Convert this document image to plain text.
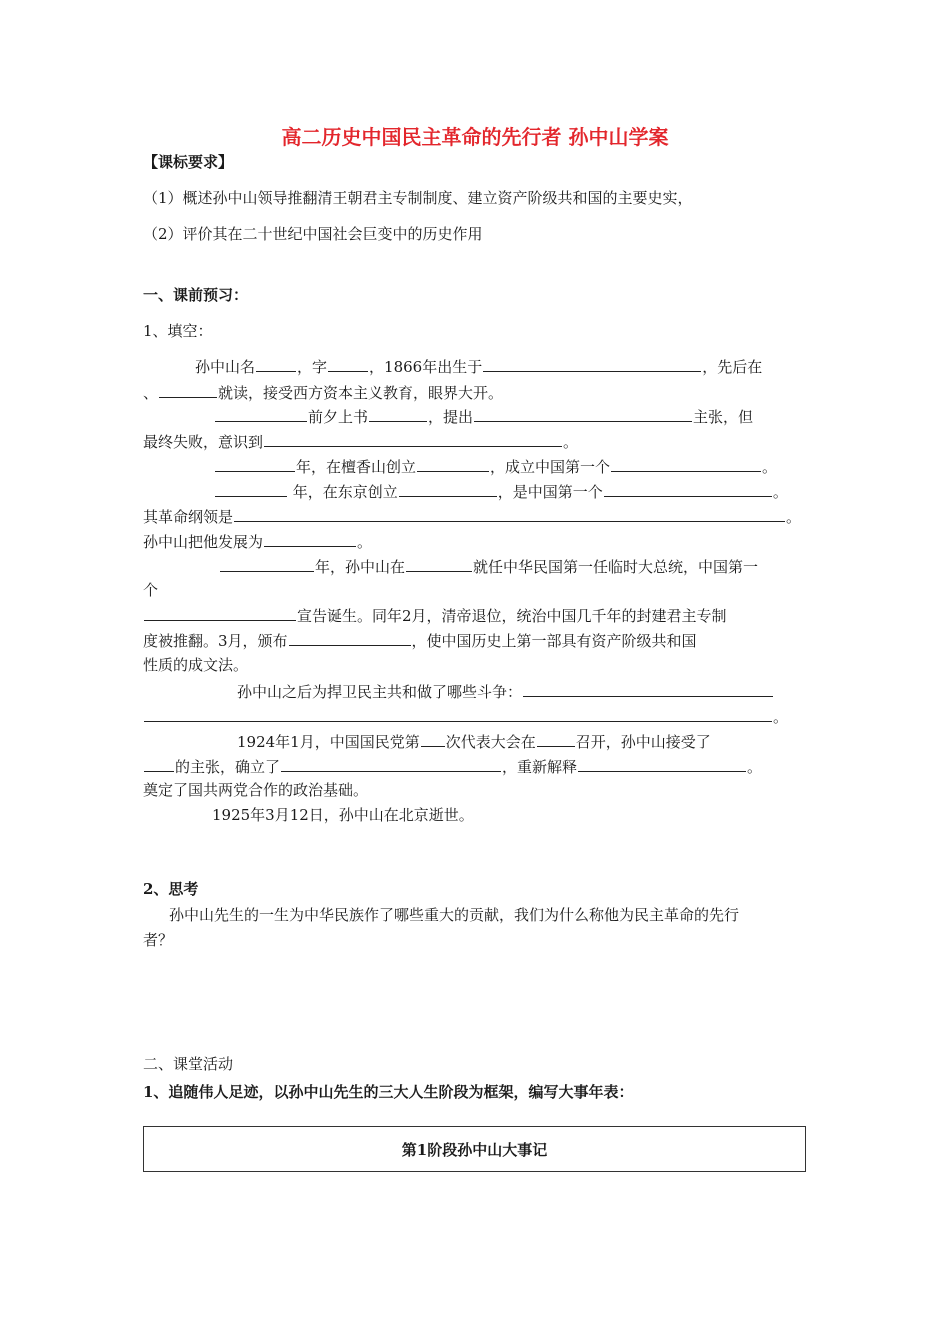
高二历史中国民主革命的先行者 孙中山学案
【课标要求】
（1）概述孙中山领导推翻清王朝君主专制制度、建立资产阶级共和国的主要史实，
（2）评价其在二十世纪中国社会巨变中的历史作用
一、课前预习：
1、填空：
孙中山名	，字	，1866年出生于	，先后在
、	就读，接受西方资本主义教育，眼界大开。
前夕上书	，提出	主张，但
最终失败，意识到	。
年，在檀香山创立	，成立中国第一个	。
年，在东京创立	，是中国第一个	。
其革命纲领是	。
孙中山把他发展为	。
年，孙中山在	就任中华民国第一任临时大总统，中国第一
个
宣告诞生。同年2月，清帝退位，统治中国几千年的封建君主专制
度被推翻。3月，颁布	，使中国历史上第一部具有资产阶级共和国
性质的成文法。
孙中山之后为捍卫民主共和做了哪些斗争：
。
1924年1月，中国国民党第 次代表大会在	召开，孙中山接受了
的主张，确立了	，重新解释	。
奠定了国共两党合作的政治基础。
1925年3月12日，孙中山在北京逝世。
2、思考
孙中山先生的一生为中华民族作了哪些重大的贡献，我们为什么称他为民主革命的先行
者？
二、课堂活动
1、追随伟人足迹，以孙中山先生的三大人生阶段为框架，编写大事年表：
第1阶段孙中山大事记
